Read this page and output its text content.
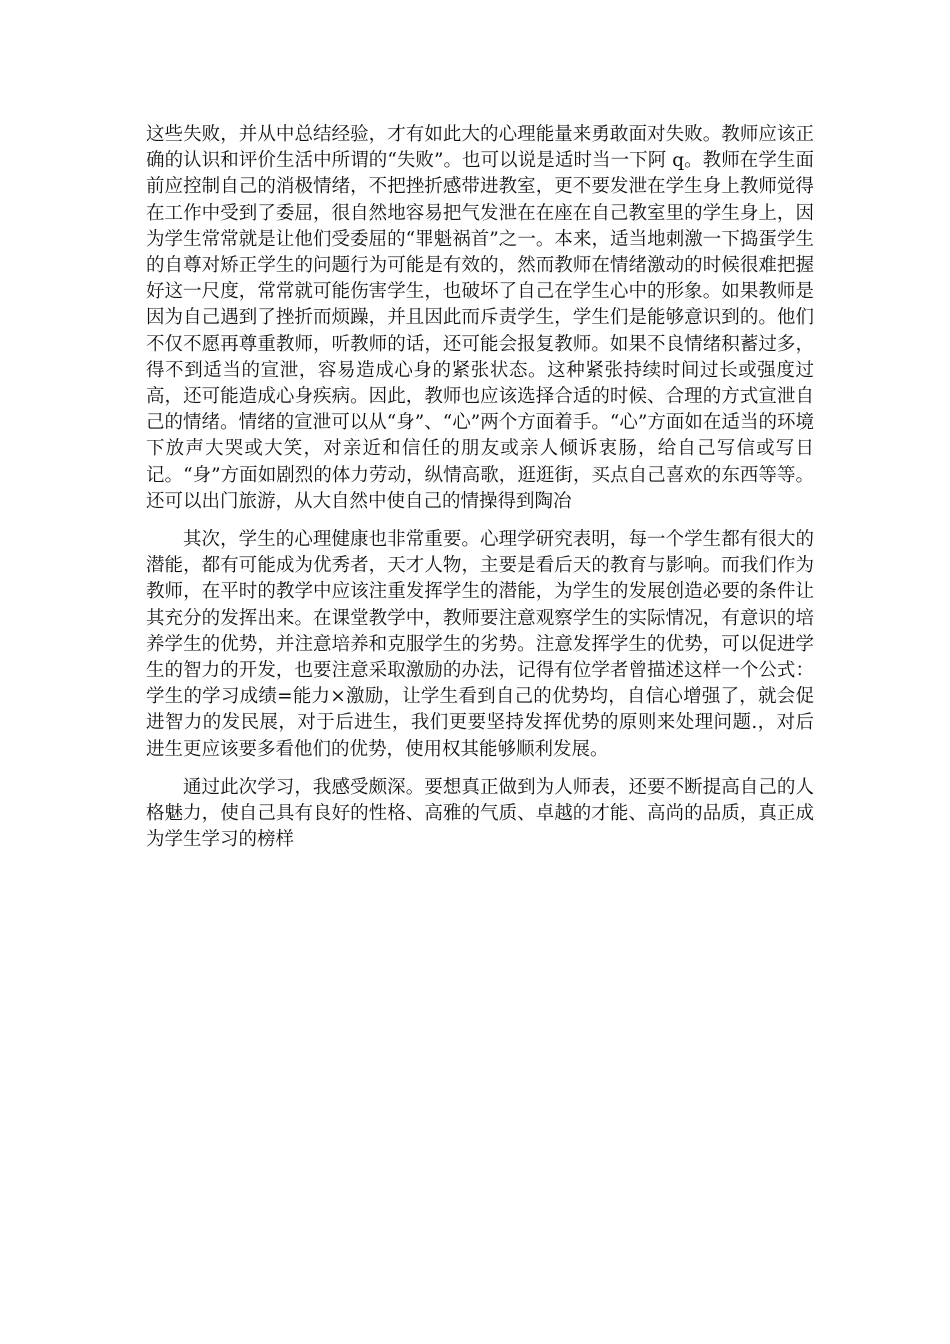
这些失败，并从中总结经验，才有如此大的心理能量来勇敢面对失败。教师应该正确的认识和评价生活中所谓的“失败”。也可以说是适时当一下阿 q。教师在学生面前应控制自己的消极情绪，不把挫折感带进教室，更不要发泄在学生身上教师觉得在工作中受到了委屈，很自然地容易把气发泄在在座在自己教室里的学生身上，因为学生常常就是让他们受委屈的“罪魁祸首”之一。本来，适当地刺激一下捣蛋学生的自尊对矫正学生的问题行为可能是有效的，然而教师在情绪激动的时候很难把握好这一尺度，常常就可能伤害学生，也破坏了自己在学生心中的形象。如果教师是因为自己遇到了挫折而烦躁，并且因此而斥责学生，学生们是能够意识到的。他们不仅不愿再尊重教师，听教师的话，还可能会报复教师。如果不良情绪积蓄过多，得不到适当的宣泄，容易造成心身的紧张状态。这种紧张持续时间过长或强度过高，还可能造成心身疾病。因此，教师也应该选择合适的时候、合理的方式宣泄自己的情绪。情绪的宣泄可以从“身”、“心”两个方面着手。“心”方面如在适当的环境下放声大哭或大笑，对亲近和信任的朋友或亲人倾诉衷肠，给自己写信或写日记。“身”方面如剧烈的体力劳动，纵情高歌，逛逛街，买点自己喜欢的东西等等。还可以出门旅游，从大自然中使自己的情操得到陶冶

其次，学生的心理健康也非常重要。心理学研究表明，每一个学生都有很大的潜能，都有可能成为优秀者，天才人物，主要是看后天的教育与影响。而我们作为教师，在平时的教学中应该注重发挥学生的潜能，为学生的发展创造必要的条件让其充分的发挥出来。在课堂教学中，教师要注意观察学生的实际情况，有意识的培养学生的优势，并注意培养和克服学生的劣势。注意发挥学生的优势，可以促进学生的智力的开发，也要注意采取激励的办法，记得有位学者曾描述这样一个公式：学生的学习成绩=能力×激励，让学生看到自己的优势均，自信心增强了，就会促进智力的发民展，对于后进生，我们更要坚持发挥优势的原则来处理问题.，对后进生更应该要多看他们的优势，使用权其能够顺利发展。

通过此次学习，我感受颇深。要想真正做到为人师表，还要不断提高自己的人格魅力，使自己具有良好的性格、高雅的气质、卓越的才能、高尚的品质，真正成为学生学习的榜样
